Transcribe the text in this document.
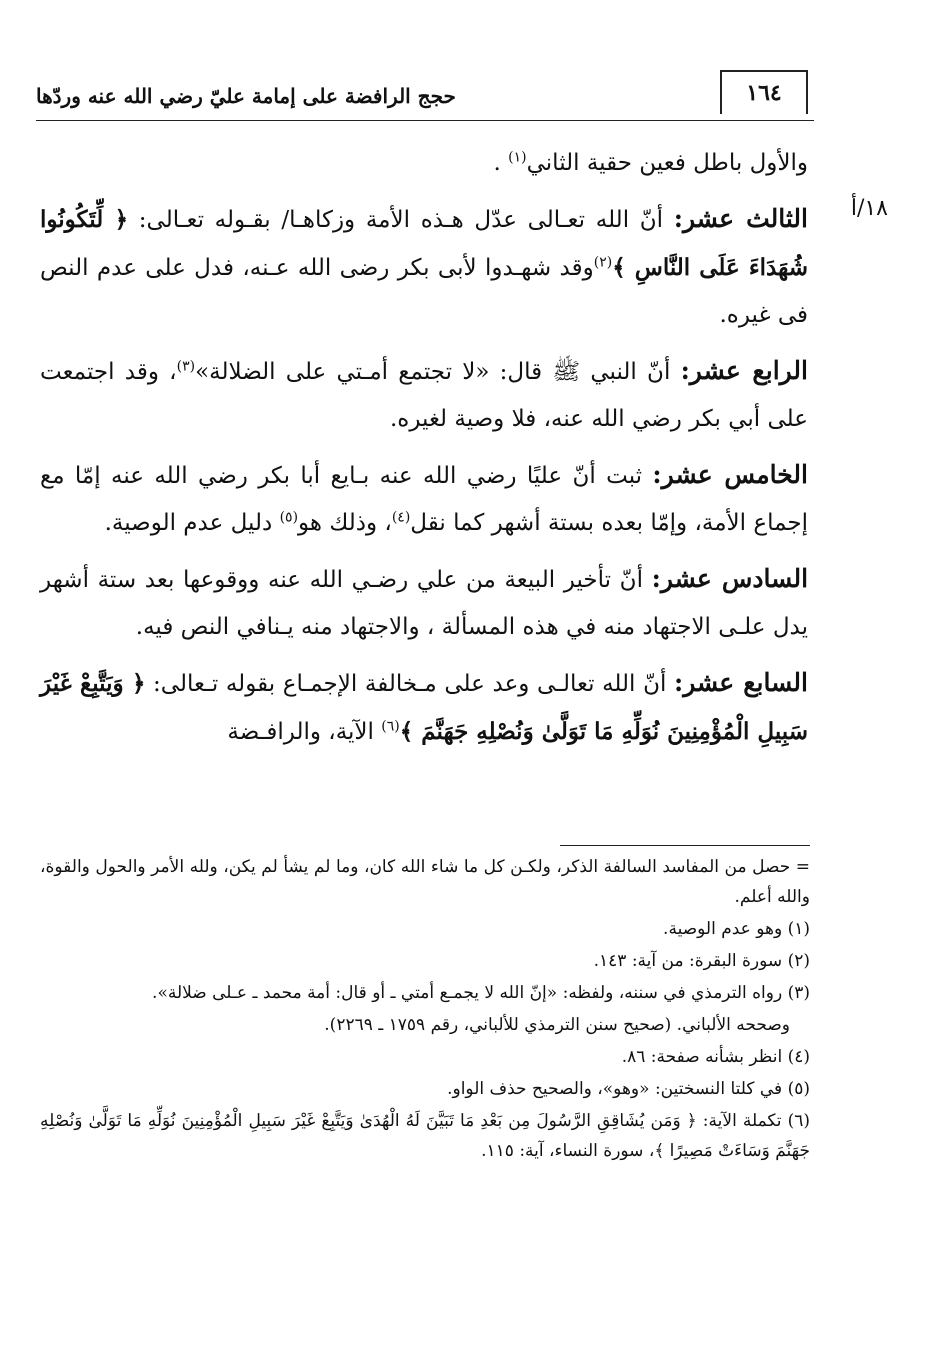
١٦٤
حجج الرافضة على إمامة عليّ رضي الله عنه وردّها
١٨/أ

والأول باطل فعين حقية الثاني$^{(١)}$ .

الثالث عشر: أنّ الله تعـالى عدّل هـذه الأمة وزكاهـا/ بقـوله تعـالى: ﴿ لِّتَكُونُوا شُهَدَاءَ عَلَى النَّاسِ ﴾$^{(٢)}$وقد شهـدوا لأبى بكر رضى الله عـنه، فدل على عدم النص فى غيره.

الرابع عشر: أنّ النبي ﷺ قال: «لا تجتمع أمـتي على الضلالة»$^{(٣)}$، وقد اجتمعت على أبي بكر رضي الله عنه، فلا وصية لغيره.

الخامس عشر: ثبت أنّ عليًا رضي الله عنه بـايع أبا بكر رضي الله عنه إمّا مع إجماع الأمة، وإمّا بعده بستة أشهر كما نقل$^{(٤)}$، وذلك هو$^{(٥)}$ دليل عدم الوصية.

السادس عشر: أنّ تأخير البيعة من علي رضـي الله عنه ووقوعها بعد ستة أشهر يدل علـى الاجتهاد منه في هذه المسألة ، والاجتهاد منه يـنافي النص فيه.

السابع عشر: أنّ الله تعالـى وعد على مـخالفة الإجمـاع بقوله تـعالى: ﴿ وَيَتَّبِعْ غَيْرَ سَبِيلِ الْمُؤْمِنِينَ نُوَلِّهِ مَا تَوَلَّىٰ وَنُصْلِهِ جَهَنَّمَ ﴾$^{(٦)}$ الآية، والرافـضة

= حصل من المفاسد السالفة الذكر، ولكـن كل ما شاء الله كان، وما لم يشأ لم يكن، ولله الأمر والحول والقوة، والله أعلم.

(١) وهو عدم الوصية.

(٢) سورة البقرة: من آية: ١٤٣.

(٣) رواه الترمذي في سننه، ولفظه: «إنّ الله لا يجمـع أمتي ـ أو قال: أمة محمد ـ عـلى ضلالة».

وصححه الألباني. (صحيح سنن الترمذي للألباني، رقم ١٧٥٩ ـ ٢٢٦٩).

(٤) انظر بشأنه صفحة: ٨٦.

(٥) في كلتا النسختين: «وهو»، والصحيح حذف الواو.

(٦) تكملة الآية: ﴿ وَمَن يُشَاقِقِ الرَّسُولَ مِن بَعْدِ مَا تَبَيَّنَ لَهُ الْهُدَىٰ وَيَتَّبِعْ غَيْرَ سَبِيلِ الْمُؤْمِنِينَ نُوَلِّهِ مَا تَوَلَّىٰ وَنُصْلِهِ جَهَنَّمَ وَسَاءَتْ مَصِيرًا ﴾، سورة النساء، آية: ١١٥.
